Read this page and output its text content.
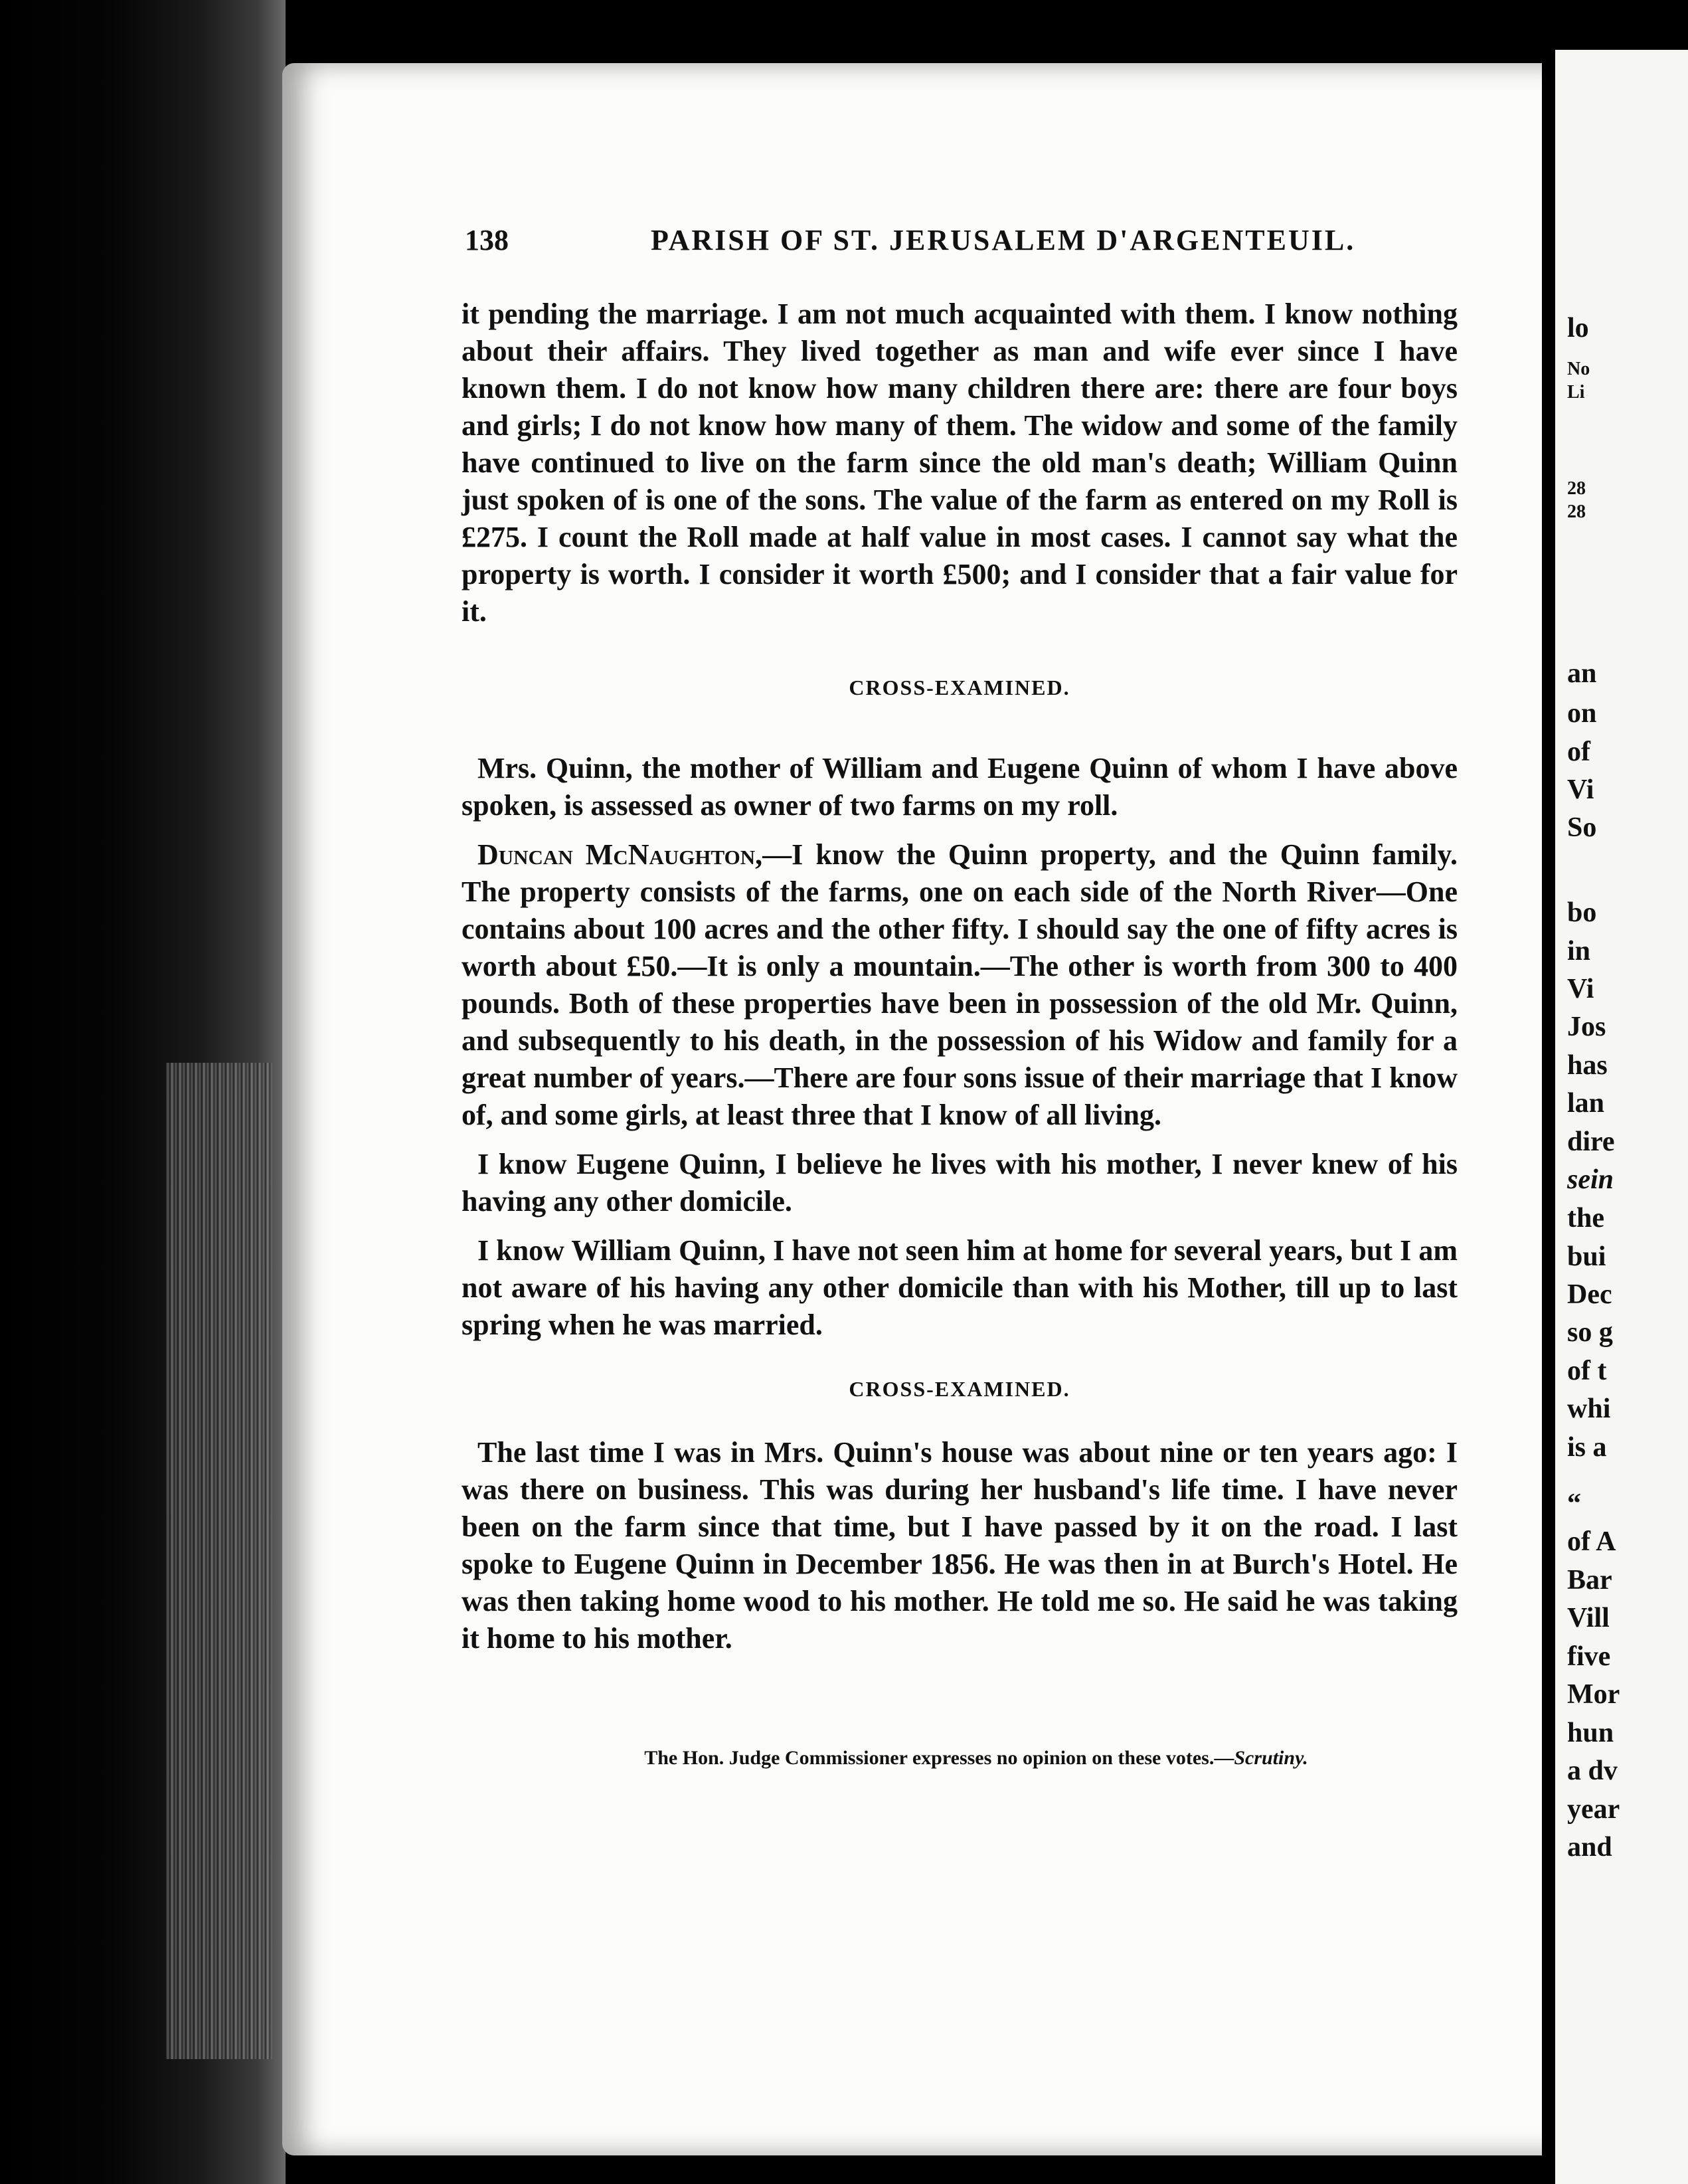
lo
No
Li
28
28
an
on
of
Vi
So
bo
in
Vi
Jos
has
lan
dire
sein
the
bui
Dec
so g
of t
whi
is a
“
of A
Bar
Vill
five
Mor
hun
a dv
year
and
138	PARISH OF ST. JERUSALEM D'ARGENTEUIL.

it pending the marriage. I am not much acquainted with them. I know nothing about their affairs. They lived together as man and wife ever since I have known them. I do not know how many children there are: there are four boys and girls; I do not know how many of them. The widow and some of the family have continued to live on the farm since the old man's death; William Quinn just spoken of is one of the sons. The value of the farm as entered on my Roll is £275. I count the Roll made at half value in most cases. I cannot say what the property is worth. I consider it worth £500; and I consider that a fair value for it.

CROSS-EXAMINED.

Mrs. Quinn, the mother of William and Eugene Quinn of whom I have above spoken, is assessed as owner of two farms on my roll.

Duncan McNaughton,—I know the Quinn property, and the Quinn family. The property consists of the farms, one on each side of the North River—One contains about 100 acres and the other fifty. I should say the one of fifty acres is worth about £50.—It is only a mountain.—The other is worth from 300 to 400 pounds. Both of these properties have been in possession of the old Mr. Quinn, and subsequently to his death, in the possession of his Widow and family for a great number of years.—There are four sons issue of their marriage that I know of, and some girls, at least three that I know of all living.

I know Eugene Quinn, I believe he lives with his mother, I never knew of his having any other domicile.

I know William Quinn, I have not seen him at home for several years, but I am not aware of his having any other domicile than with his Mother, till up to last spring when he was married.

CROSS-EXAMINED.

The last time I was in Mrs. Quinn's house was about nine or ten years ago: I was there on business. This was during her husband's life time. I have never been on the farm since that time, but I have passed by it on the road. I last spoke to Eugene Quinn in December 1856. He was then in at Burch's Hotel. He was then taking home wood to his mother. He told me so. He said he was taking it home to his mother.

The Hon. Judge Commissioner expresses no opinion on these votes.—Scrutiny.
